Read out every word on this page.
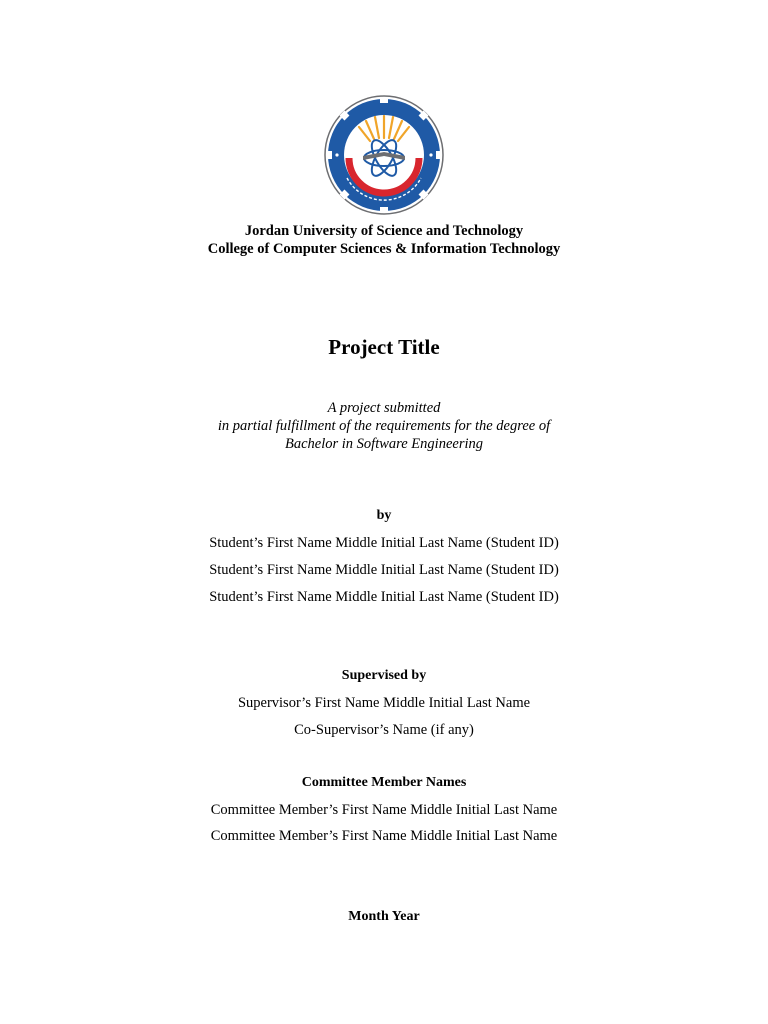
Jordan University of Science and Technology
College of Computer Sciences & Information Technology
Project Title
A project submitted
in partial fulfillment of the requirements for the degree of
Bachelor in Software Engineering
by
Student’s First Name Middle Initial Last Name (Student ID)
Student’s First Name Middle Initial Last Name (Student ID)
Student’s First Name Middle Initial Last Name (Student ID)
Supervised by
Supervisor’s First Name Middle Initial Last Name
Co-Supervisor’s Name (if any)
Committee Member Names
Committee Member’s First Name Middle Initial Last Name
Committee Member’s First Name Middle Initial Last Name
Month Year
